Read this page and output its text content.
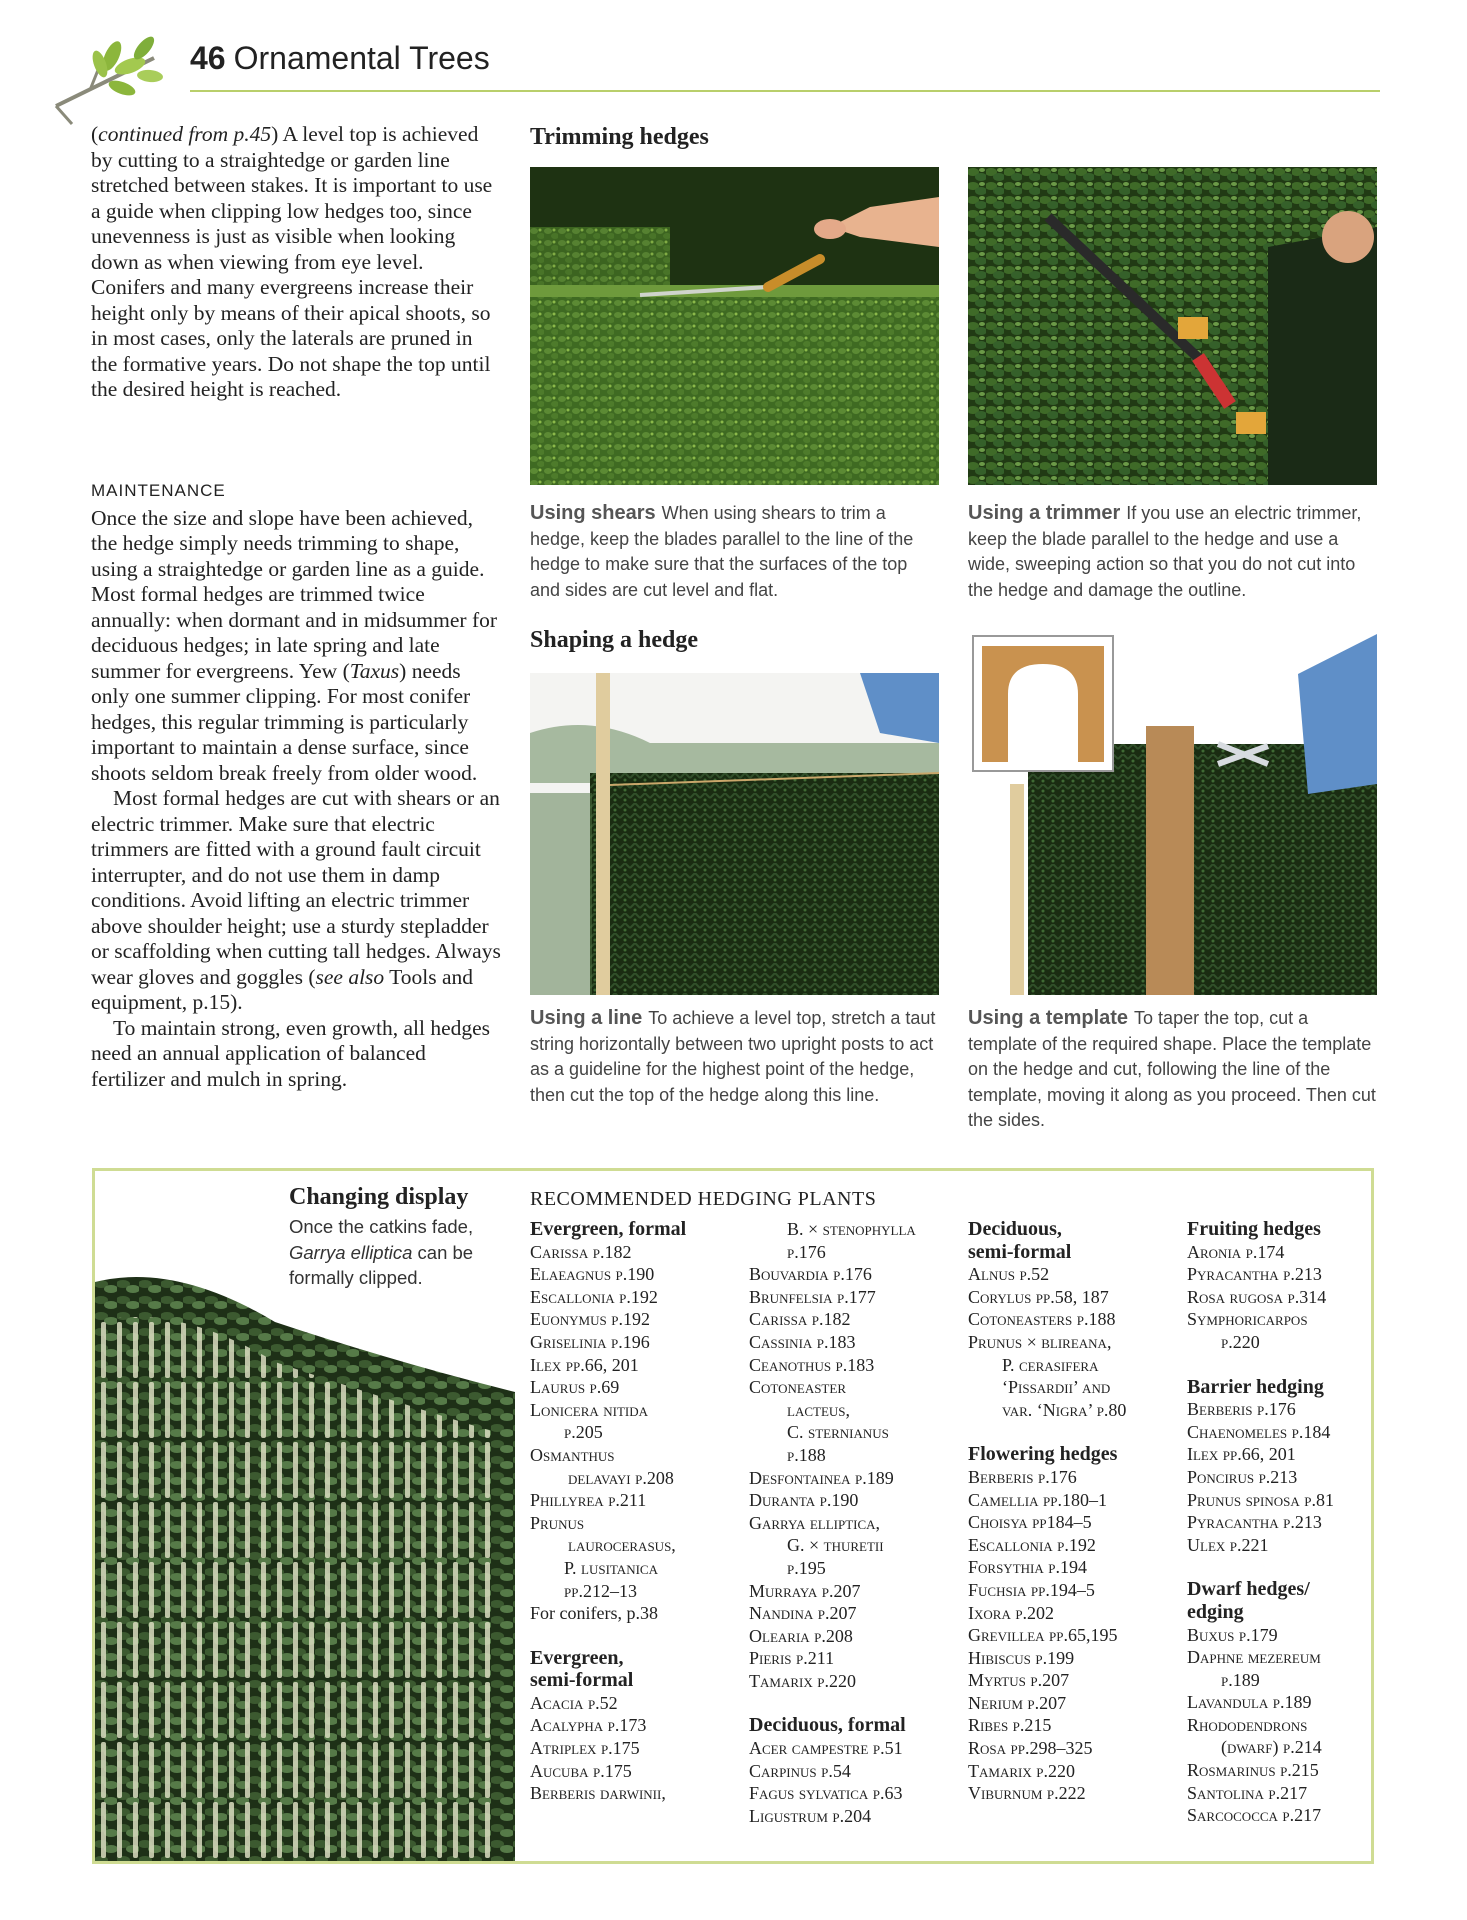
46 Ornamental Trees

(continued from p.45) A level top is achieved by cutting to a straightedge or garden line stretched between stakes. It is important to use a guide when clipping low hedges too, since unevenness is just as visible when looking down as when viewing from eye level. Conifers and many evergreens increase their height only by means of their apical shoots, so in most cases, only the laterals are pruned in the formative years. Do not shape the top until the desired height is reached.

MAINTENANCE

Once the size and slope have been achieved, the hedge simply needs trimming to shape, using a straightedge or garden line as a guide. Most formal hedges are trimmed twice annually: when dormant and in midsummer for deciduous hedges; in late spring and late summer for evergreens. Yew (Taxus) needs only one summer clipping. For most conifer hedges, this regular trimming is particularly important to maintain a dense surface, since shoots seldom break freely from older wood.

Most formal hedges are cut with shears or an electric trimmer. Make sure that electric trimmers are fitted with a ground fault circuit interrupter, and do not use them in damp conditions. Avoid lifting an electric trimmer above shoulder height; use a sturdy stepladder or scaffolding when cutting tall hedges. Always wear gloves and goggles (see also Tools and equipment, p.15).

To maintain strong, even growth, all hedges need an annual application of balanced fertilizer and mulch in spring.

Trimming hedges
Using shears When using shears to trim a hedge, keep the blades parallel to the line of the hedge to make sure that the surfaces of the top and sides are cut level and flat.
Using a trimmer If you use an electric trimmer, keep the blade parallel to the hedge and use a wide, sweeping action so that you do not cut into the hedge and damage the outline.
Shaping a hedge
Using a line To achieve a level top, stretch a taut string horizontally between two upright posts to act as a guideline for the highest point of the hedge, then cut the top of the hedge along this line.
Using a template To taper the top, cut a template of the required shape. Place the template on the hedge and cut, following the line of the template, moving it along as you proceed. Then cut the sides.
Changing display
Once the catkins fade, Garrya elliptica can be formally clipped.
RECOMMENDED HEDGING PLANTS
Evergreen, formal
Carissa p.182
Elaeagnus p.190
Escallonia p.192
Euonymus p.192
Griselinia p.196
Ilex pp.66, 201
Laurus p.69
Lonicera nitida
p.205
Osmanthus
delavayi p.208
Phillyrea p.211
Prunus
laurocerasus,
P. lusitanica
pp.212–13
For conifers, p.38
Evergreen,
semi-formal
Acacia p.52
Acalypha p.173
Atriplex p.175
Aucuba p.175
Berberis darwinii,
B. × stenophylla
p.176
Bouvardia p.176
Brunfelsia p.177
Carissa p.182
Cassinia p.183
Ceanothus p.183
Cotoneaster
lacteus,
C. sternianus
p.188
Desfontainea p.189
Duranta p.190
Garrya elliptica,
G. × thuretii
p.195
Murraya p.207
Nandina p.207
Olearia p.208
Pieris p.211
Tamarix p.220
Deciduous, formal
Acer campestre p.51
Carpinus p.54
Fagus sylvatica p.63
Ligustrum p.204
Deciduous,
semi-formal
Alnus p.52
Corylus pp.58, 187
Cotoneasters p.188
Prunus × blireana,
P. cerasifera
‘Pissardii’ and
var. ‘Nigra’ p.80
Flowering hedges
Berberis p.176
Camellia pp.180–1
Choisya pp184–5
Escallonia p.192
Forsythia p.194
Fuchsia pp.194–5
Ixora p.202
Grevillea pp.65,195
Hibiscus p.199
Myrtus p.207
Nerium p.207
Ribes p.215
Rosa pp.298–325
Tamarix p.220
Viburnum p.222
Fruiting hedges
Aronia p.174
Pyracantha p.213
Rosa rugosa p.314
Symphoricarpos
p.220
Barrier hedging
Berberis p.176
Chaenomeles p.184
Ilex pp.66, 201
Poncirus p.213
Prunus spinosa p.81
Pyracantha p.213
Ulex p.221
Dwarf hedges/
edging
Buxus p.179
Daphne mezereum
p.189
Lavandula p.189
Rhododendrons
(dwarf) p.214
Rosmarinus p.215
Santolina p.217
Sarcococca p.217
